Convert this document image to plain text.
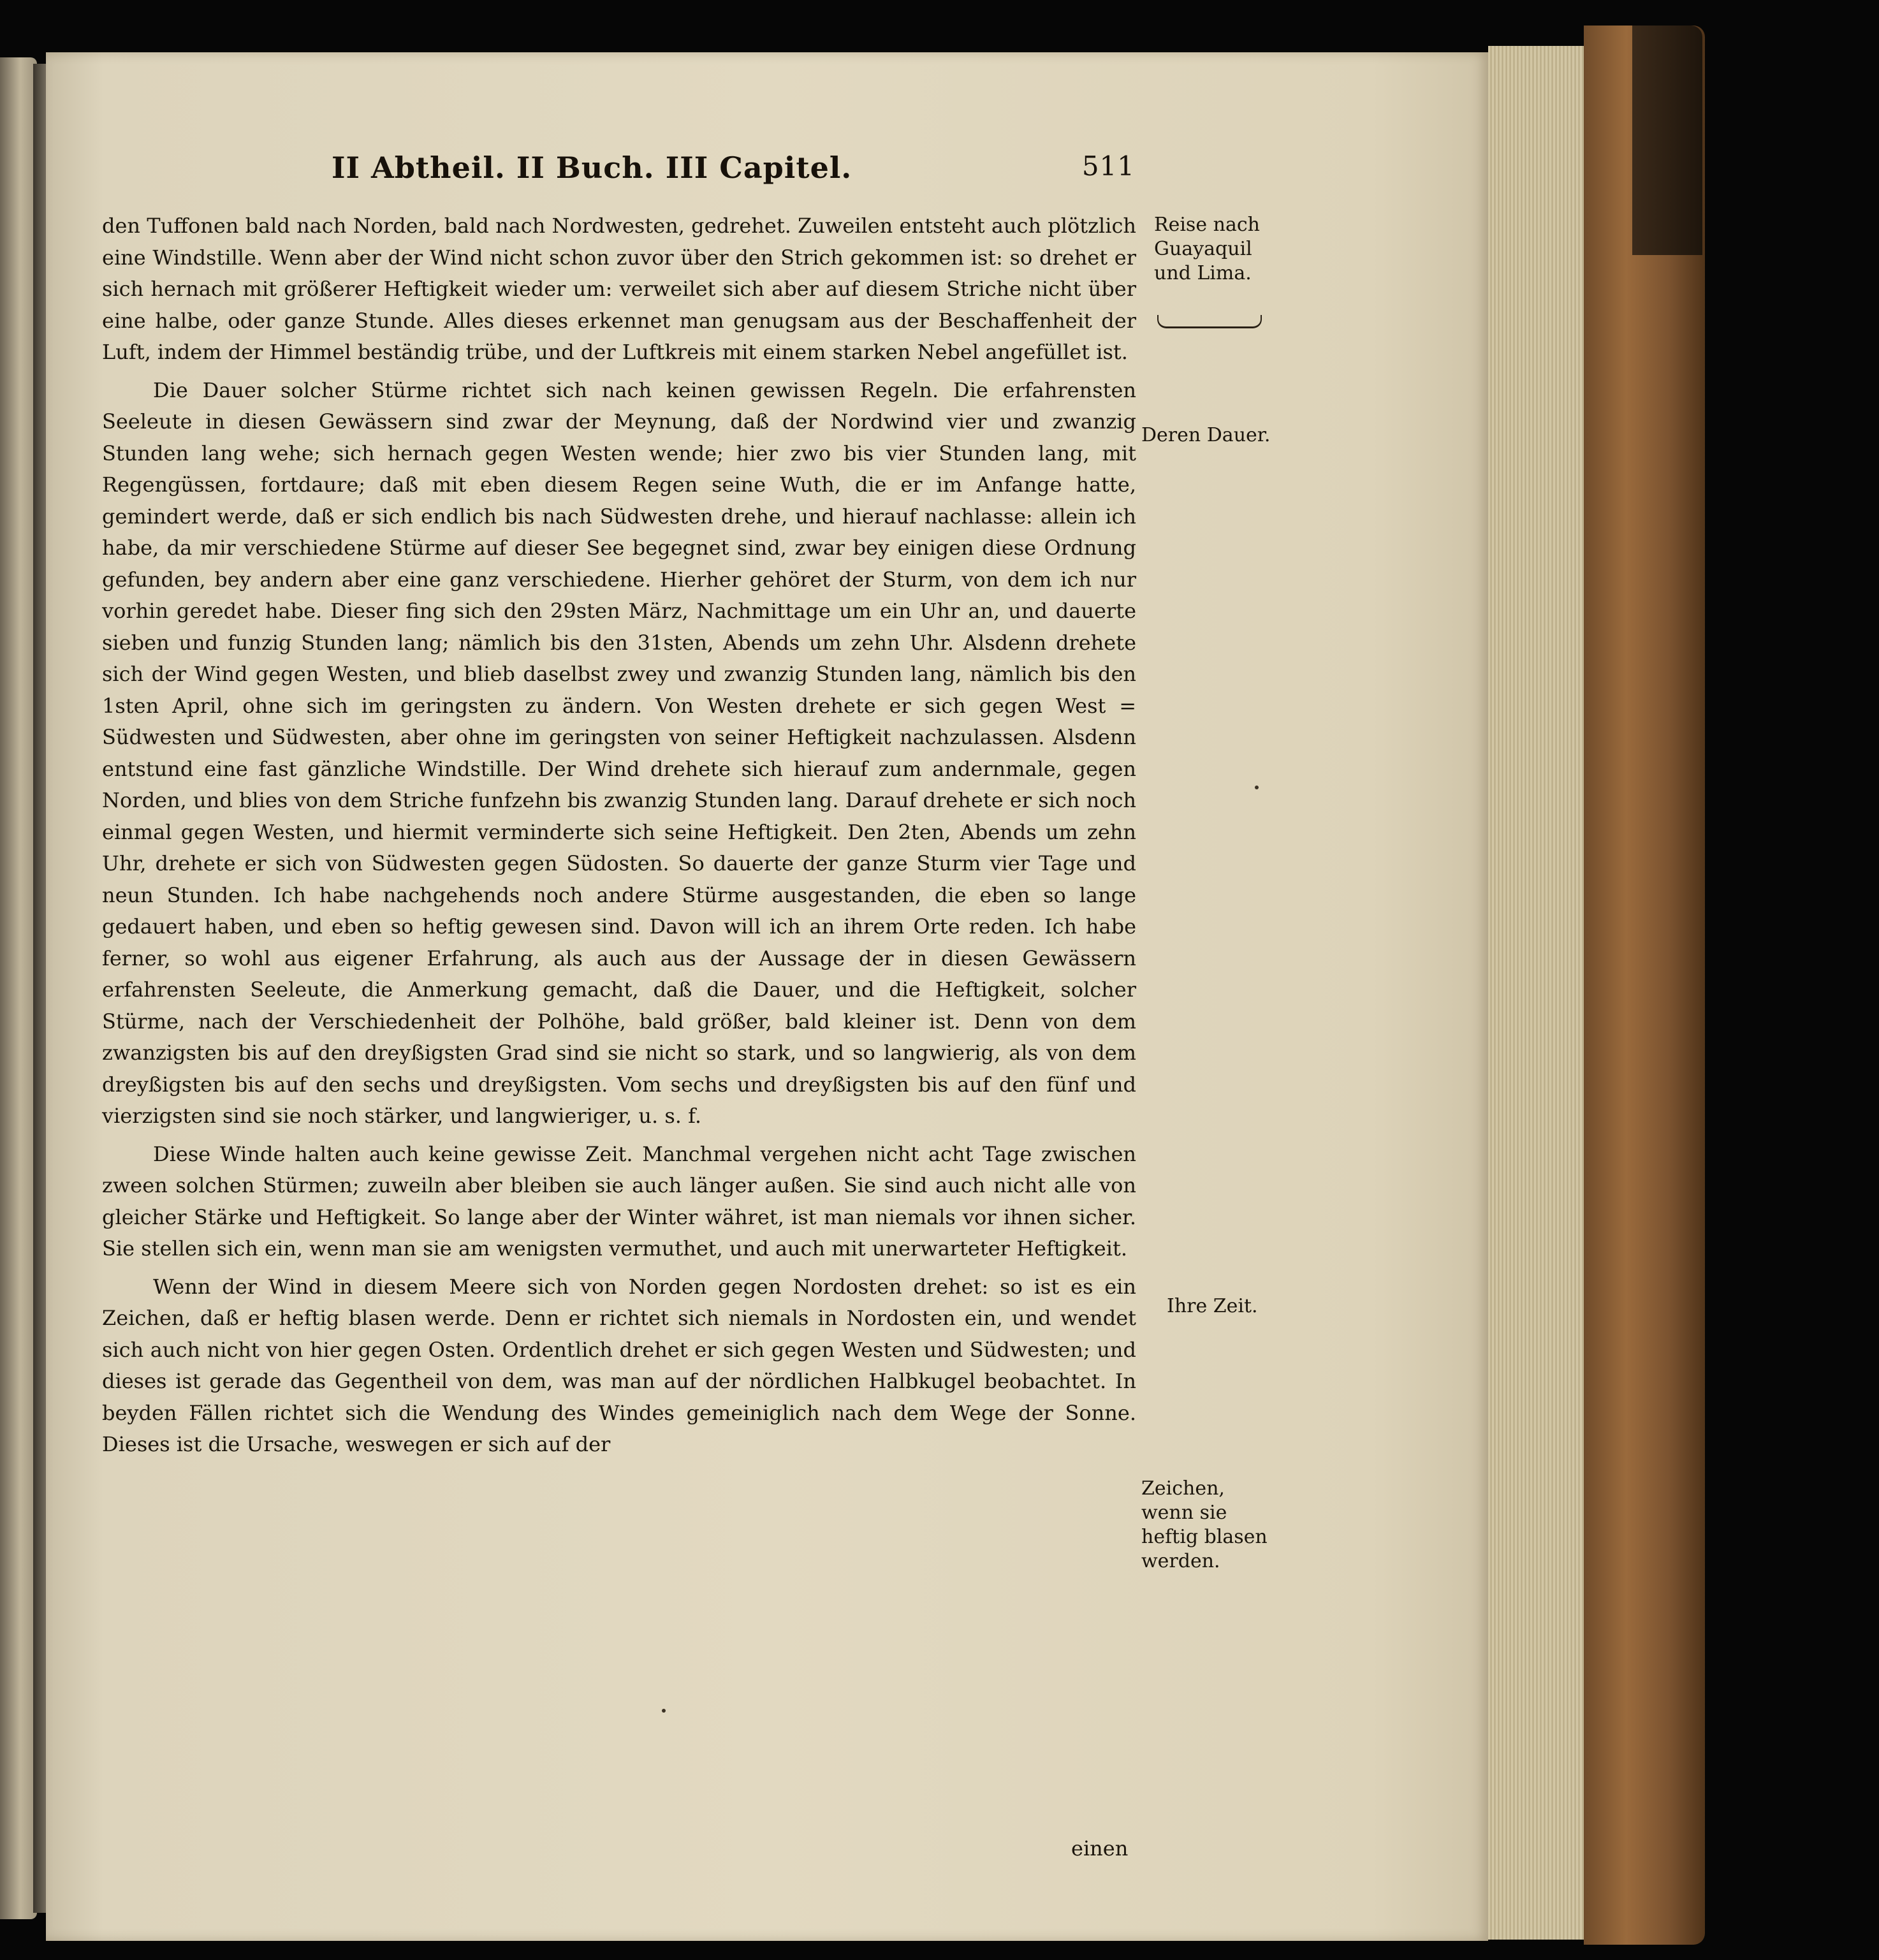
II Abtheil. II Buch. III Capitel.	511

den Tuffonen bald nach Norden, bald nach Nordwesten, gedrehet. Zuweilen entsteht auch plötzlich eine Windstille. Wenn aber der Wind nicht schon zuvor über den Strich gekommen ist: so drehet er sich hernach mit größerer Heftigkeit wieder um: verweilet sich aber auf diesem Striche nicht über eine halbe, oder ganze Stunde. Alles dieses erkennet man genugsam aus der Beschaffenheit der Luft, indem der Himmel beständig trübe, und der Luftkreis mit einem starken Nebel angefüllet ist.

Die Dauer solcher Stürme richtet sich nach keinen gewissen Regeln. Die erfahrensten Seeleute in diesen Gewässern sind zwar der Meynung, daß der Nordwind vier und zwanzig Stunden lang wehe; sich hernach gegen Westen wende; hier zwo bis vier Stunden lang, mit Regengüssen, fortdaure; daß mit eben diesem Regen seine Wuth, die er im Anfange hatte, gemindert werde, daß er sich endlich bis nach Südwesten drehe, und hierauf nachlasse: allein ich habe, da mir verschiedene Stürme auf dieser See begegnet sind, zwar bey einigen diese Ordnung gefunden, bey andern aber eine ganz verschiedene. Hierher gehöret der Sturm, von dem ich nur vorhin geredet habe. Dieser fing sich den 29sten März, Nachmittage um ein Uhr an, und dauerte sieben und funzig Stunden lang; nämlich bis den 31sten, Abends um zehn Uhr. Alsdenn drehete sich der Wind gegen Westen, und blieb daselbst zwey und zwanzig Stunden lang, nämlich bis den 1sten April, ohne sich im geringsten zu ändern. Von Westen drehete er sich gegen West = Südwesten und Südwesten, aber ohne im geringsten von seiner Heftigkeit nachzulassen. Alsdenn entstund eine fast gänzliche Windstille. Der Wind drehete sich hierauf zum andernmale, gegen Norden, und blies von dem Striche funfzehn bis zwanzig Stunden lang. Darauf drehete er sich noch einmal gegen Westen, und hiermit verminderte sich seine Heftigkeit. Den 2ten, Abends um zehn Uhr, drehete er sich von Südwesten gegen Südosten. So dauerte der ganze Sturm vier Tage und neun Stunden. Ich habe nachgehends noch andere Stürme ausgestanden, die eben so lange gedauert haben, und eben so heftig gewesen sind. Davon will ich an ihrem Orte reden. Ich habe ferner, so wohl aus eigener Erfahrung, als auch aus der Aussage der in diesen Gewässern erfahrensten Seeleute, die Anmerkung gemacht, daß die Dauer, und die Heftigkeit, solcher Stürme, nach der Verschiedenheit der Polhöhe, bald größer, bald kleiner ist. Denn von dem zwanzigsten bis auf den dreyßigsten Grad sind sie nicht so stark, und so langwierig, als von dem dreyßigsten bis auf den sechs und dreyßigsten. Vom sechs und dreyßigsten bis auf den fünf und vierzigsten sind sie noch stärker, und langwieriger, u. s. f.

Diese Winde halten auch keine gewisse Zeit. Manchmal vergehen nicht acht Tage zwischen zween solchen Stürmen; zuweiln aber bleiben sie auch länger außen. Sie sind auch nicht alle von gleicher Stärke und Heftigkeit. So lange aber der Winter währet, ist man niemals vor ihnen sicher. Sie stellen sich ein, wenn man sie am wenigsten vermuthet, und auch mit unerwarteter Heftigkeit.

Wenn der Wind in diesem Meere sich von Norden gegen Nordosten drehet: so ist es ein Zeichen, daß er heftig blasen werde. Denn er richtet sich niemals in Nordosten ein, und wendet sich auch nicht von hier gegen Osten. Ordentlich drehet er sich gegen Westen und Südwesten; und dieses ist gerade das Gegentheil von dem, was man auf der nördlichen Halbkugel beobachtet. In beyden Fällen richtet sich die Wendung des Windes gemeiniglich nach dem Wege der Sonne. Dieses ist die Ursache, weswegen er sich auf der

Reise nach Guayaquil und Lima.
Deren Dauer.
Ihre Zeit.
Zeichen, wenn sie heftig blasen werden.
einen
